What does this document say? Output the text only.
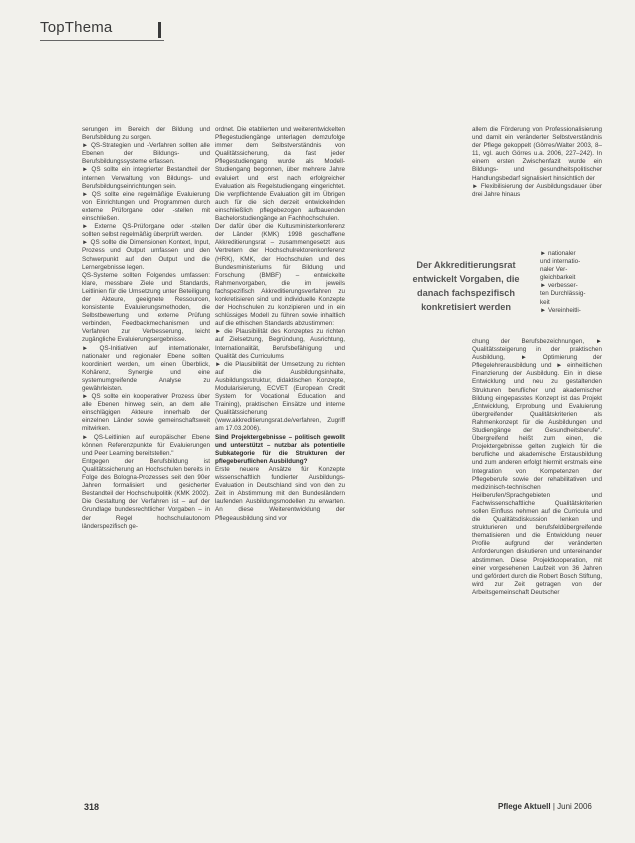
TopThema

serungen im Bereich der Bildung und Berufsbildung zu sorgen.

► QS-Strategien und -Verfahren sollten alle Ebenen der Bildungs- und Berufsbildungssysteme erfassen.

► QS sollte ein integrierter Bestandteil der internen Verwaltung von Bildungs- und Berufsbildungseinrichtungen sein.

► QS sollte eine regelmäßige Evaluierung von Einrichtungen und Programmen durch externe Prüforgane oder -stellen mit einschließen.

► Externe QS-Prüforgane oder -stellen sollten selbst regelmäßig überprüft werden.

► QS sollte die Dimensionen Kontext, Input, Prozess und Output umfassen und den Schwerpunkt auf den Output und die Lernergebnisse legen.

QS-Systeme sollten Folgendes umfassen: klare, messbare Ziele und Standards, Leitlinien für die Umsetzung unter Beteiligung der Akteure, geeignete Ressourcen, konsistente Evaluierungsmethoden, die Selbstbewertung und externe Prüfung verbinden, Feedbackmechanismen und Verfahren zur Verbesserung, leicht zugängliche Evaluierungsergebnisse.

► QS-Initiativen auf internationaler, nationaler und regionaler Ebene sollten koordiniert werden, um einen Überblick, Kohärenz, Synergie und eine systemumgreifende Analyse zu gewährleisten.

► QS sollte ein kooperativer Prozess über alle Ebenen hinweg sein, an dem alle einschlägigen Akteure innerhalb der einzelnen Länder sowie gemeinschaftsweit mitwirken.

► QS-Leitlinien auf europäischer Ebene können Referenzpunkte für Evaluierungen und Peer Learning bereitstellen."

Entgegen der Berufsbildung ist Qualitätssicherung an Hochschulen bereits in Folge des Bologna-Prozesses seit den 90er Jahren formalisiert und gesicherter Bestandteil der Hochschulpolitik (KMK 2002). Die Gestaltung der Verfahren ist – auf der Grundlage bundesrechtlicher Vorgaben – in der Regel hochschulautonom länderspezifisch ge-

ordnet. Die etablierten und weiterentwickelten Pflegestudiengänge unterlagen demzufolge immer dem Selbstverständnis von Qualitätssicherung, da fast jeder Pflegestudiengang wurde als Modell-Studiengang begonnen, über mehrere Jahre evaluiert und erst nach erfolgreicher Evaluation als Regelstudiengang eingerichtet. Die verpflichtende Evaluation gilt im Übrigen auch für die sich derzeit entwickelnden einschließlich pflegebezogen aufbauenden Bachelorstudiengänge an Fachhochschulen.

Der dafür über die Kultusministerkonferenz der Länder (KMK) 1998 geschaffene Akkreditierungsrat – zusammengesetzt aus Vertretern der Hochschulrektorenkonferenz (HRK), KMK, der Hochschulen und des Bundesministeriums für Bildung und Forschung (BMBF) – entwickelte Rahmenvorgaben, die im jeweils fachspezifisch Akkreditierungsverfahren zu konkretisieren sind und individuelle Konzepte der Hochschulen zu konzipieren und in ein schlüssiges Modell zu führen sowie inhaltlich auf die ethischen Standards abzustimmen:

► die Plausibilität des Konzeptes zu richten auf Zielsetzung, Begründung, Ausrichtung, Internationalität, Berufsbefähigung und Qualität des Curriculums

► die Plausibilität der Umsetzung zu richten auf die Ausbildungsinhalte, Ausbildungsstruktur, didaktischen Konzepte, Modularisierung, ECVET (European Credit System for Vocational Education and Training), praktischen Einsätze und interne Qualitätssicherung (www.akkreditierungsrat.de/verfahren, Zugriff am 17.03.2006).

Sind Projektergebnisse – politisch gewollt und unterstützt – nutzbar als potentielle Subkategorie für die Strukturen der pflegeberuflichen Ausbildung?

Erste neuere Ansätze für Konzepte wissenschaftlich fundierter Ausbildungs-Evaluation in Deutschland sind von den zu Zeit in Abstimmung mit den Bundesländern laufenden Ausbildungsmodellen zu erwarten. An diese Weiterentwicklung der Pflegeausbildung sind vor

allem die Förderung von Professionalisierung und damit ein veränderter Selbstverständnis der Pflege gekoppelt (Görres/Walter 2003, 8–11, vgl. auch Görres u.a. 2006, 227–242). In einem ersten Zwischenfazit wurde ein Bildungs- und gesundheitspolitischer Handlungsbedarf signalisiert hinsichtlich der

► Flexibilisierung der Ausbildungsdauer über drei Jahre hinaus

► nationaler
und internatio-
naler Ver-
gleichbarkeit
► verbesser-
ten Durchlässig-
keit
► Vereinheitli-

chung der Berufsbezeichnungen, ► Qualitätssteigerung in der praktischen Ausbildung, ► Optimierung der Pflegelehrerausbildung und ► einheitlichen Finanzierung der Ausbildung. Ein in diese Entwicklung und neu zu gestaltenden Strukturen beruflicher und akademischer Bildung eingepasstes Konzept ist das Projekt „Entwicklung, Erprobung und Evaluierung übergreifender Qualitätskriterien als Rahmenkonzept für die Ausbildungen und Studiengänge der Gesundheitsberufe". Übergreifend heißt zum einen, die Projektergebnisse gelten zugleich für die berufliche und akademische Erstausbildung und zum anderen erfolgt hiermit erstmals eine Integration von Kompetenzen der Pflegeberufe sowie der rehabilitativen und medizinisch-technischen Heilberufen/Sprachgebieten und Fachwissenschaftliche Qualitätskriterien sollen Einfluss nehmen auf die Curricula und die Qualitätsdiskussion lenken und strukturieren und berufsfeldübergreifende thematisieren und die Entwicklung neuer Profile aufgrund der veränderten Anforderungen diskutieren und untereinander abstimmen. Diese Projektkooperation, mit einer vorgesehenen Laufzeit von 36 Jahren und gefördert durch die Robert Bosch Stiftung, wird zur Zeit getragen von der Arbeitsgemeinschaft Deutscher

Der Akkreditierungsrat entwickelt Vorgaben, die danach fachspezifisch konkretisiert werden
318	Pflege Aktuell | Juni 2006
